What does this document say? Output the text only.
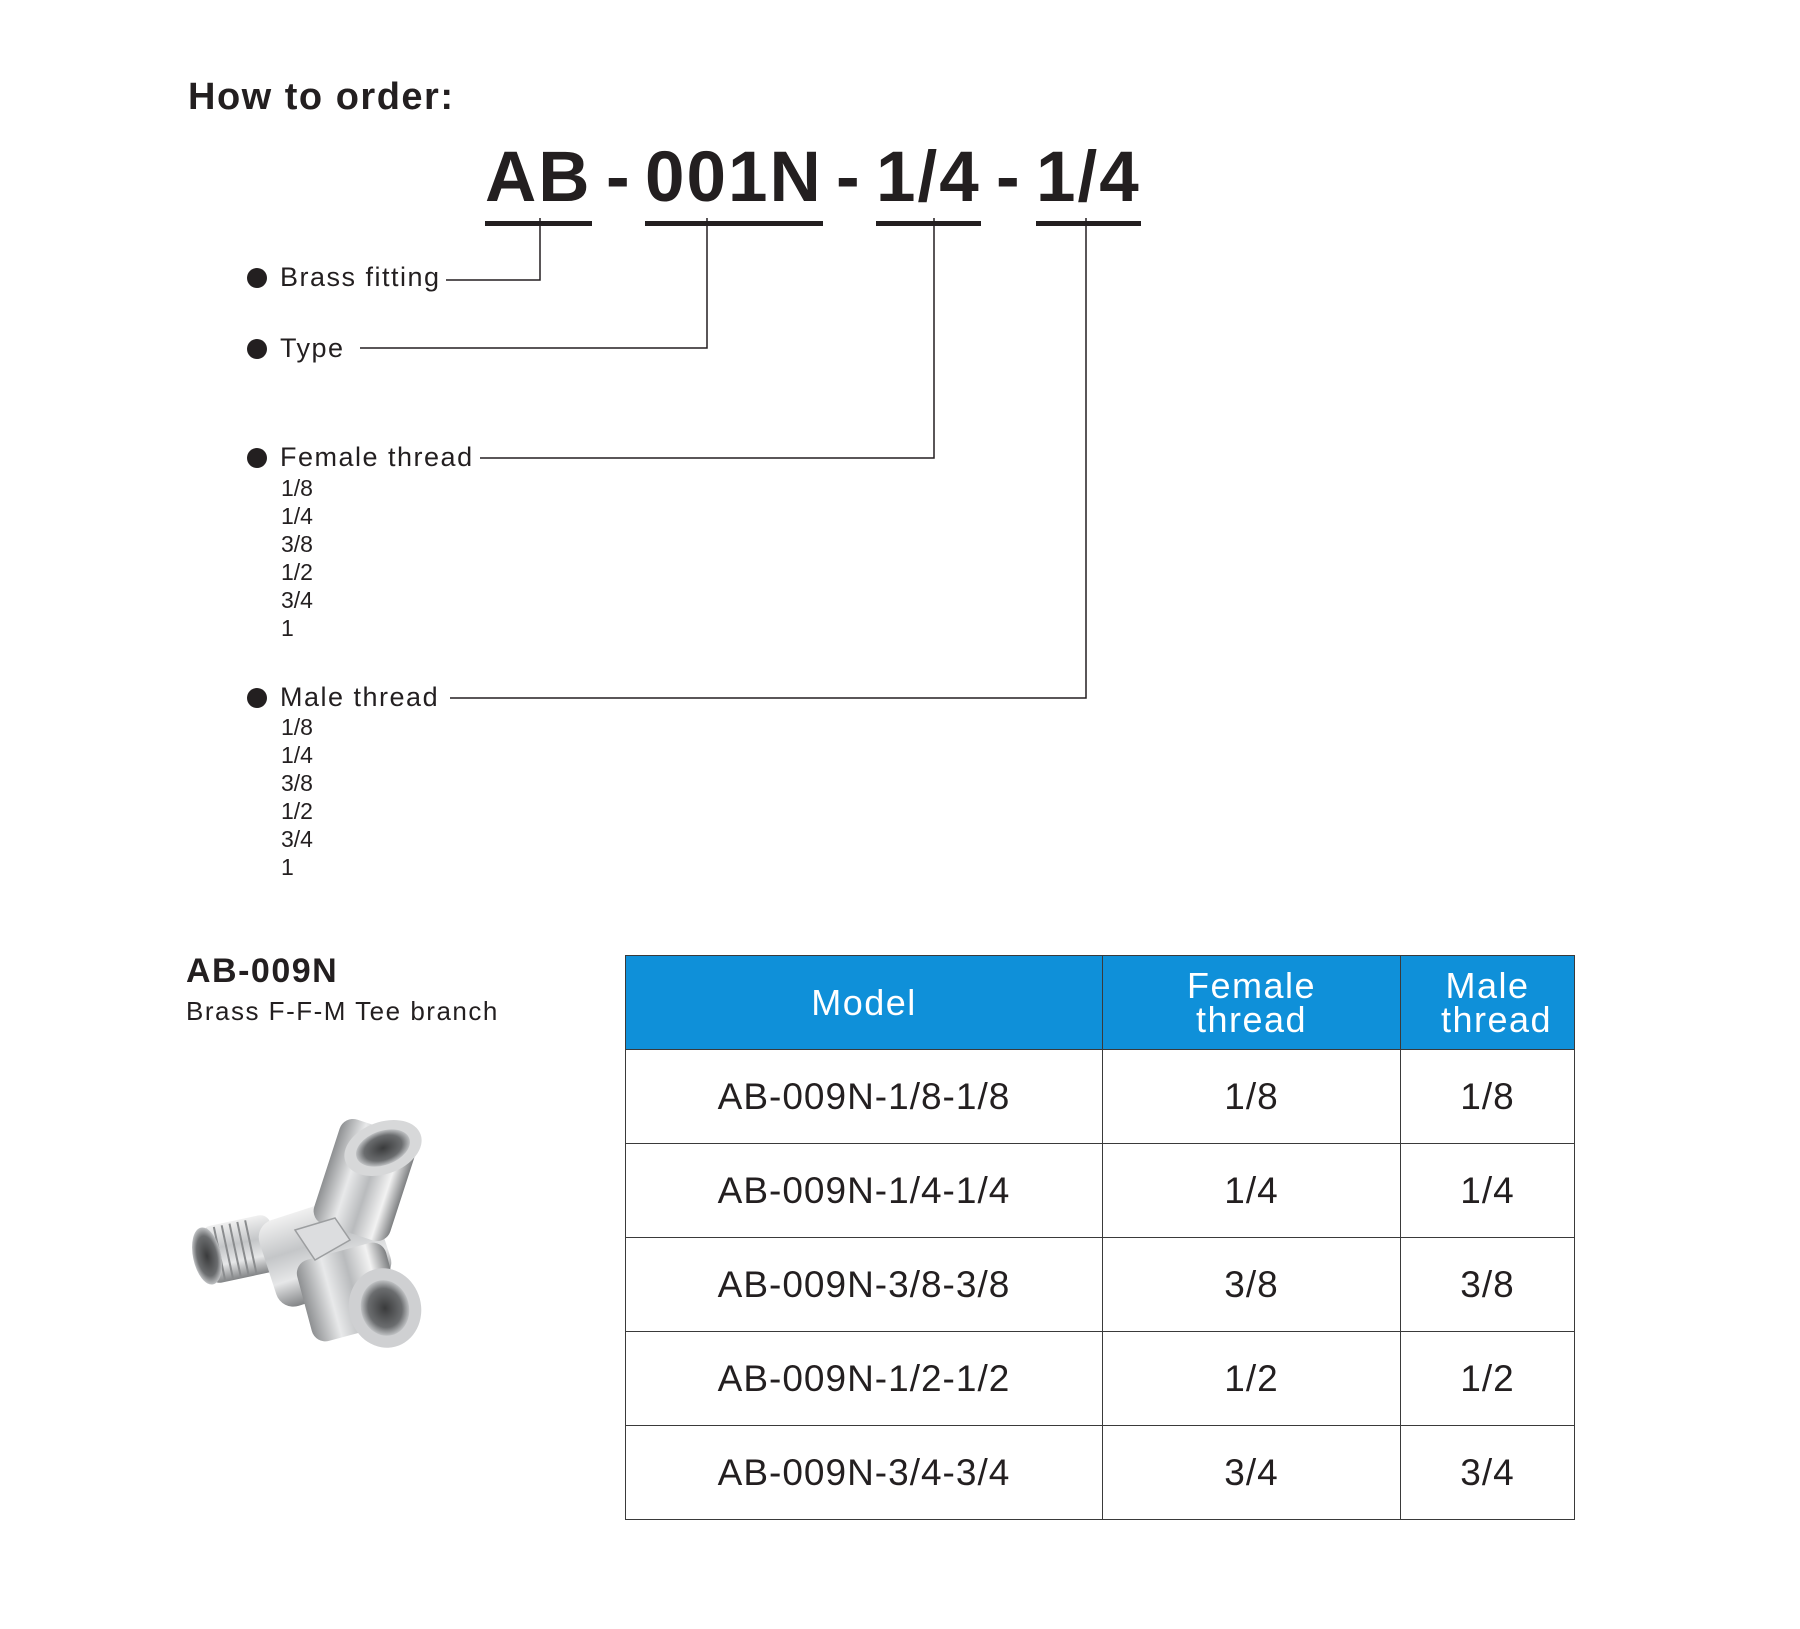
How to order:
AB - 001N - 1/4 - 1/4
Brass fitting
Type
Female thread
1/8
1/4
3/8
1/2
3/4
1
Male thread
1/8
1/4
3/8
1/2
3/4
1
AB-009N
Brass F-F-M Tee branch	Model	Female thread	Male thread
AB-009N-1/8-1/8	1/8	1/8
AB-009N-1/4-1/4	1/4	1/4
AB-009N-3/8-3/8	3/8	3/8
AB-009N-1/2-1/2	1/2	1/2
AB-009N-3/4-3/4	3/4	3/4
